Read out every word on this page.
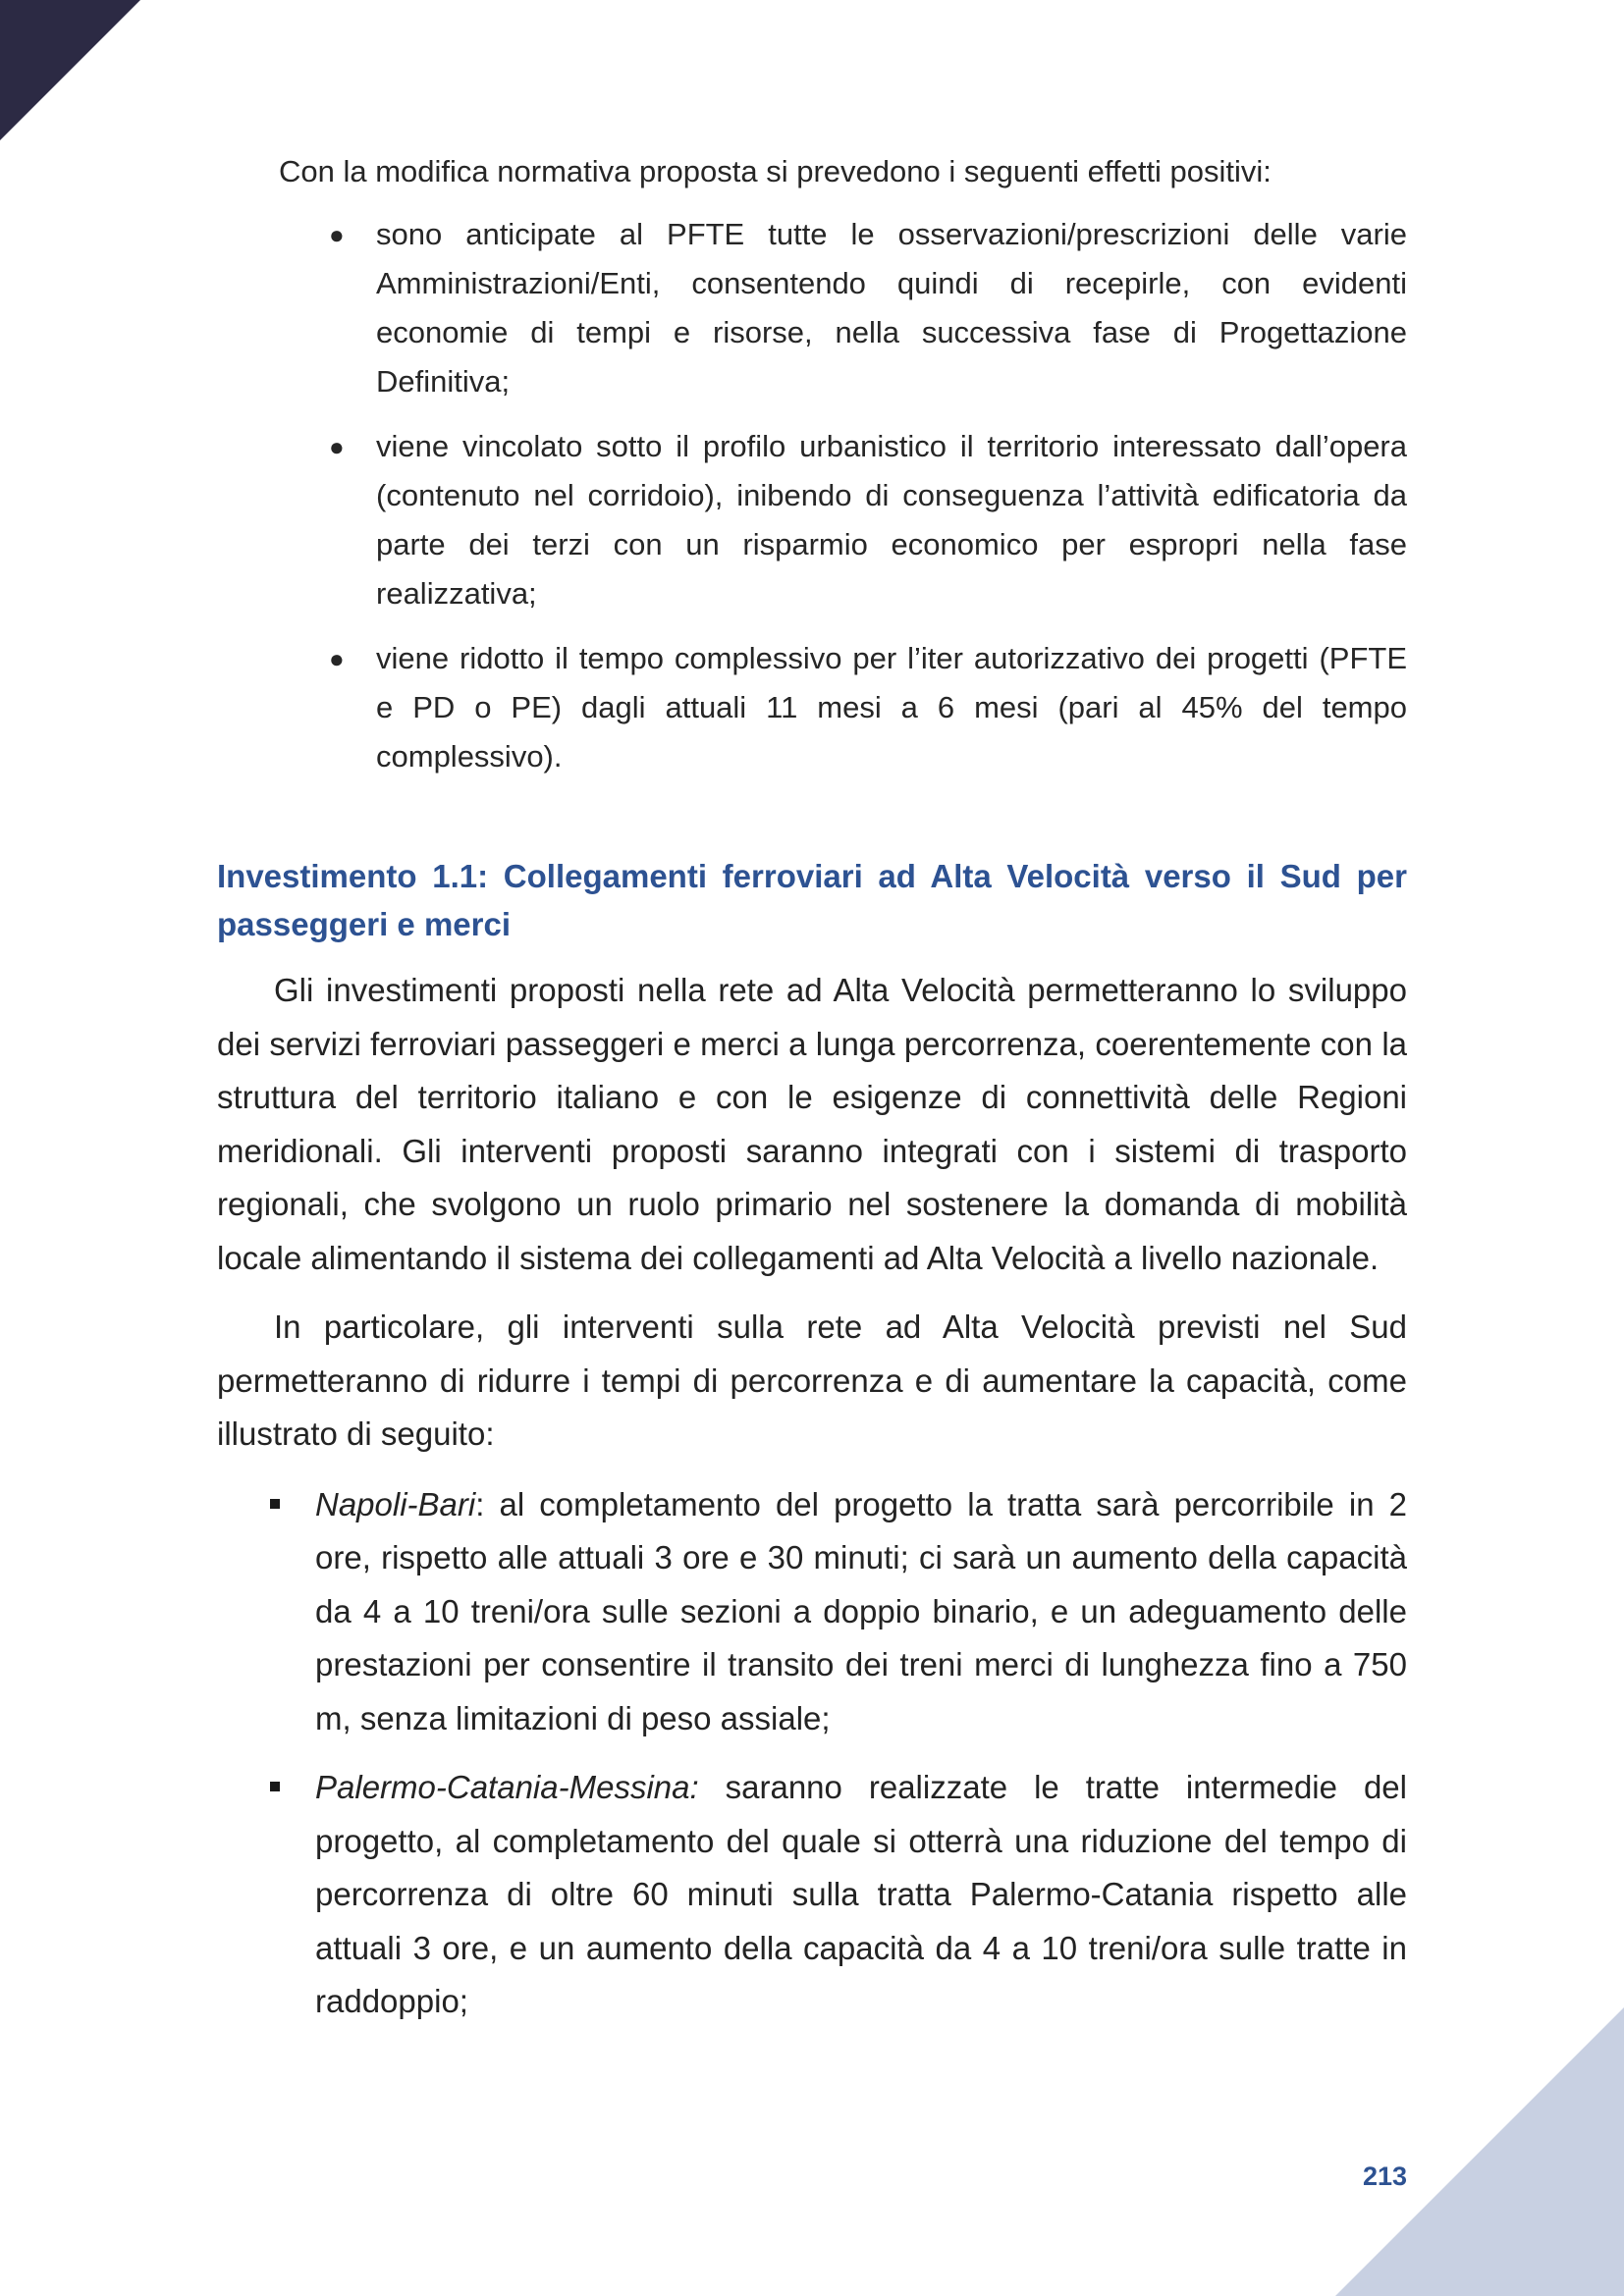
Con la modifica normativa proposta si prevedono i seguenti effetti positivi:

● sono anticipate al PFTE tutte le osservazioni/prescrizioni delle varie Amministrazioni/Enti, consentendo quindi di recepirle, con evidenti economie di tempi e risorse, nella successiva fase di Progettazione Definitiva;
● viene vincolato sotto il profilo urbanistico il territorio interessato dall’opera (contenuto nel corridoio), inibendo di conseguenza l’attività edificatoria da parte dei terzi con un risparmio economico per espropri nella fase realizzativa;
● viene ridotto il tempo complessivo per l’iter autorizzativo dei progetti (PFTE e PD o PE) dagli attuali 11 mesi a 6 mesi (pari al 45% del tempo complessivo).
Investimento 1.1: Collegamenti ferroviari ad Alta Velocità verso il Sud per passeggeri e merci

Gli investimenti proposti nella rete ad Alta Velocità permetteranno lo sviluppo dei servizi ferroviari passeggeri e merci a lunga percorrenza, coerentemente con la struttura del territorio italiano e con le esigenze di connettività delle Regioni meridionali. Gli interventi proposti saranno integrati con i sistemi di trasporto regionali, che svolgono un ruolo primario nel sostenere la domanda di mobilità locale alimentando il sistema dei collegamenti ad Alta Velocità a livello nazionale.

In particolare, gli interventi sulla rete ad Alta Velocità previsti nel Sud permetteranno di ridurre i tempi di percorrenza e di aumentare la capacità, come illustrato di seguito:

Napoli-Bari: al completamento del progetto la tratta sarà percorribile in 2 ore, rispetto alle attuali 3 ore e 30 minuti; ci sarà un aumento della capacità da 4 a 10 treni/ora sulle sezioni a doppio binario, e un adeguamento delle prestazioni per consentire il transito dei treni merci di lunghezza fino a 750 m, senza limitazioni di peso assiale;
Palermo-Catania-Messina: saranno realizzate le tratte intermedie del progetto, al completamento del quale si otterrà una riduzione del tempo di percorrenza di oltre 60 minuti sulla tratta Palermo-Catania rispetto alle attuali 3 ore, e un aumento della capacità da 4 a 10 treni/ora sulle tratte in raddoppio;
213
